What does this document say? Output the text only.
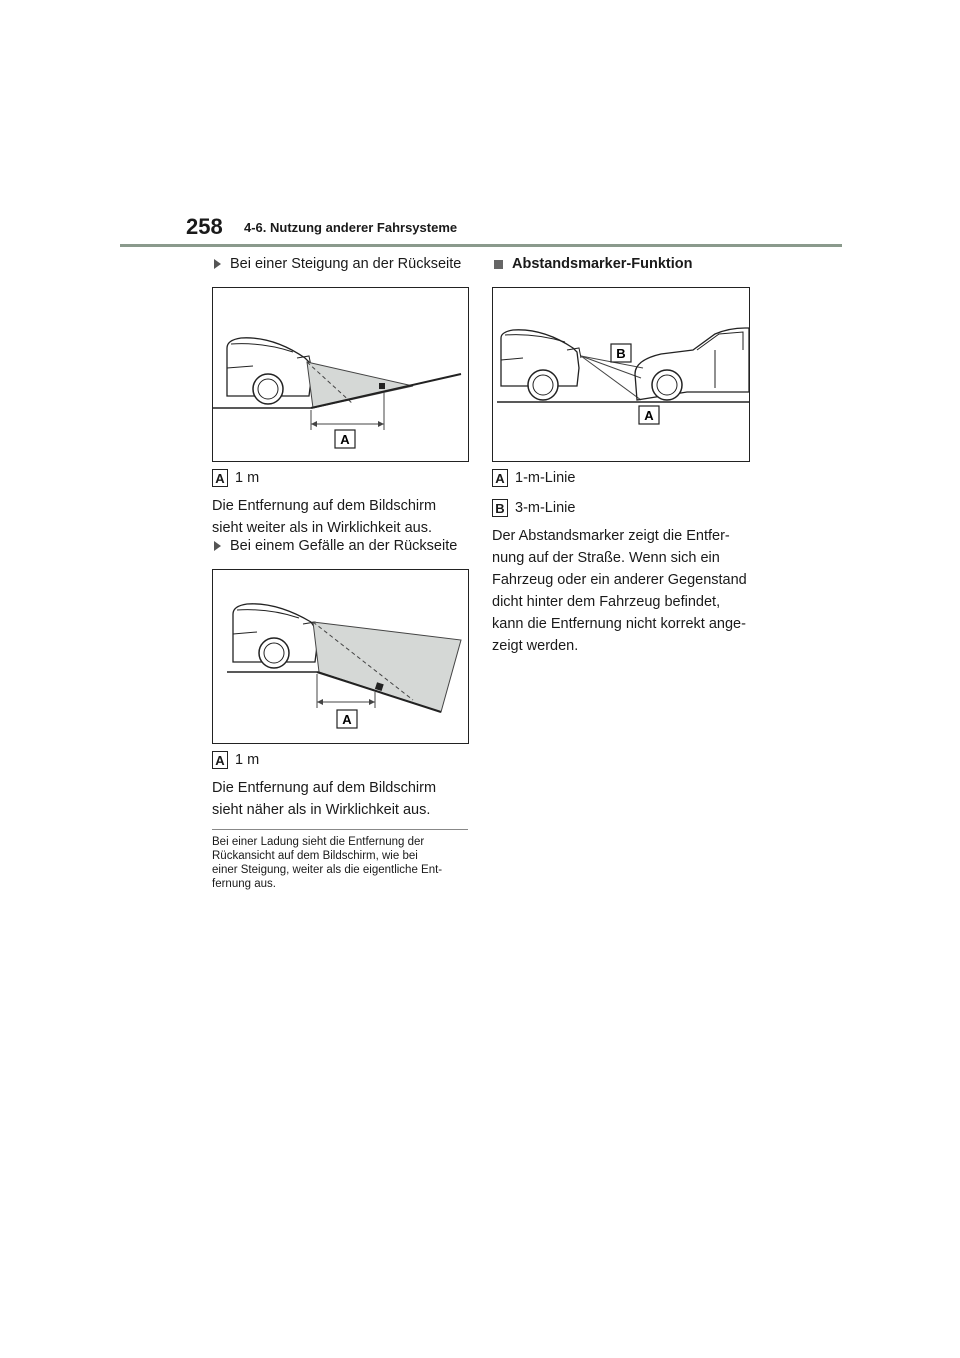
258 4-6. Nutzung anderer Fahrsysteme
Bei einer Steigung an der Rückseite
A
A 1 m
Die Entfernung auf dem Bildschirm
sieht weiter als in Wirklichkeit aus.
Bei einem Gefälle an der Rückseite
A
A 1 m
Die Entfernung auf dem Bildschirm
sieht näher als in Wirklichkeit aus.
Bei einer Ladung sieht die Entfernung der
Rückansicht auf dem Bildschirm, wie bei
einer Steigung, weiter als die eigentliche Ent-
fernung aus.
Abstandsmarker-Funktion
B
A
A 1-m-Linie
B 3-m-Linie
Der Abstandsmarker zeigt die Entfer-
nung auf der Straße. Wenn sich ein
Fahrzeug oder ein anderer Gegenstand
dicht hinter dem Fahrzeug befindet,
kann die Entfernung nicht korrekt ange-
zeigt werden.
